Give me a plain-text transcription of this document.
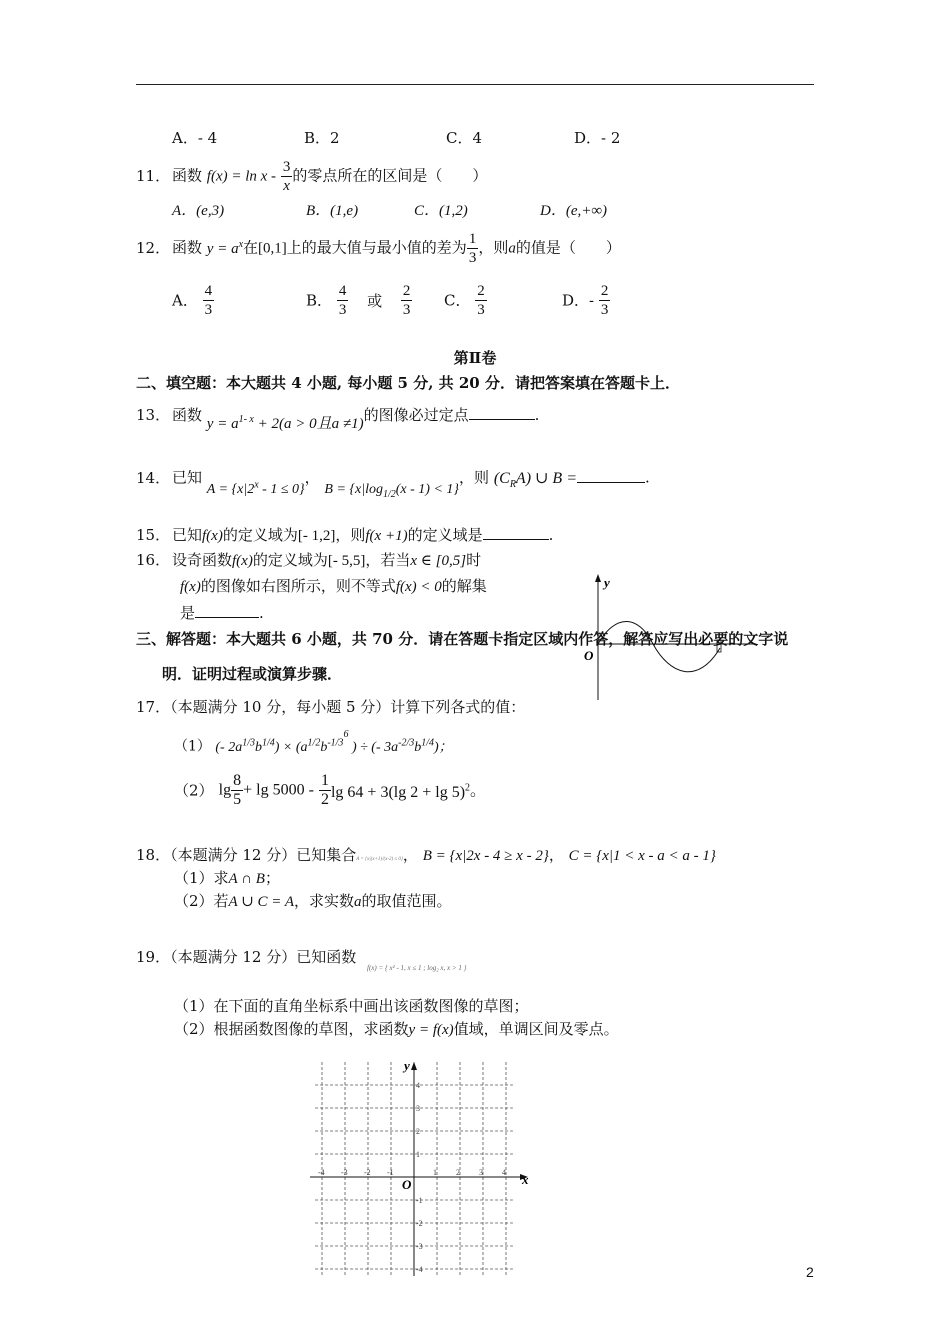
A．- 4	B．2	C．4	D．- 2
11． 函数 $f(x) = \ln x - \frac{3}{x}$ 的零点所在的区间是（　　）
A．(e,3)	B．(1,e)	C．(1,2)	D．(e,+∞)
12． 函数 $y = a^x$在[0,1]上的最大值与最小值的差为 $\frac{1}{3}$ ，则a的值是（　　）
A． $\frac{4}{3}$	B． $\frac{4}{3}$ 或 $\frac{2}{3}$ C． $\frac{2}{3}$	D．- $\frac{2}{3}$
第Ⅱ卷
二、填空题：本大题共 4 小题, 每小题 5 分, 共 20 分．请把答案填在答题卡上．
13． 函数 $y = a^{1- x} + 2(a > 0$且a ≠1)的图像必过定点	.
14． 已知 $A = \{x|2^x - 1 \le 0\}$， $B = \{x|\log_{1/2}(x - 1) < 1\}$，则 $(C_RA)$ ∪ B =	.
15． 已知f(x)的定义域为[- 1,2]，则f(x +1)的定义域是	.
16． 设奇函数f(x)的定义域为[- 5,5]，若当x ∈ [0,5]时
f(x)的图像如右图所示，则不等式f(x) < 0的解集
是	.
y
O
三、解答题：本大题共 6 小题，共 70 分．请在答题卡指定区域内作答，解答应写出必要的文字说
明．证明过程或演算步骤．
17．（本题满分 10 分，每小题 5 分）计算下列各式的值：
（1） (- $2a^{1/3}b^{1/4}) \times (a^{1/2}b^{-1/36}$ ) ÷ (- $3a^{-2/3}b^{1/4}$)；
（2） $\lg \frac{8}{5} + \lg 5000 - \frac{1}{2}$ lg 64 + 3(lg 2 + lg 5)$^2$。
18．（本题满分 12 分）已知集合A = {x|(x+1)/(x-2) ≤ 0}， B = {x|2x - 4 ≥ x - 2}， C = {x|1 < x - a < a - 1}
（1）求A ∩ B；
（2）若A ∪ C = A，求实数a的取值范围。
19．（本题满分 12 分）已知函数 $_{f(x) = \{ x^2 - 1, x \le 1 ; log_2 x, x > 1 \}}$
（1）在下面的直角坐标系中画出该函数图像的草图；
（2）根据函数图像的草图，求函数y = f(x)值域，单调区间及零点。
-4 -3 -2 -1	1 2 3 4
4
3
2
1
-1
-2
-3
-4
x
y
O
2
